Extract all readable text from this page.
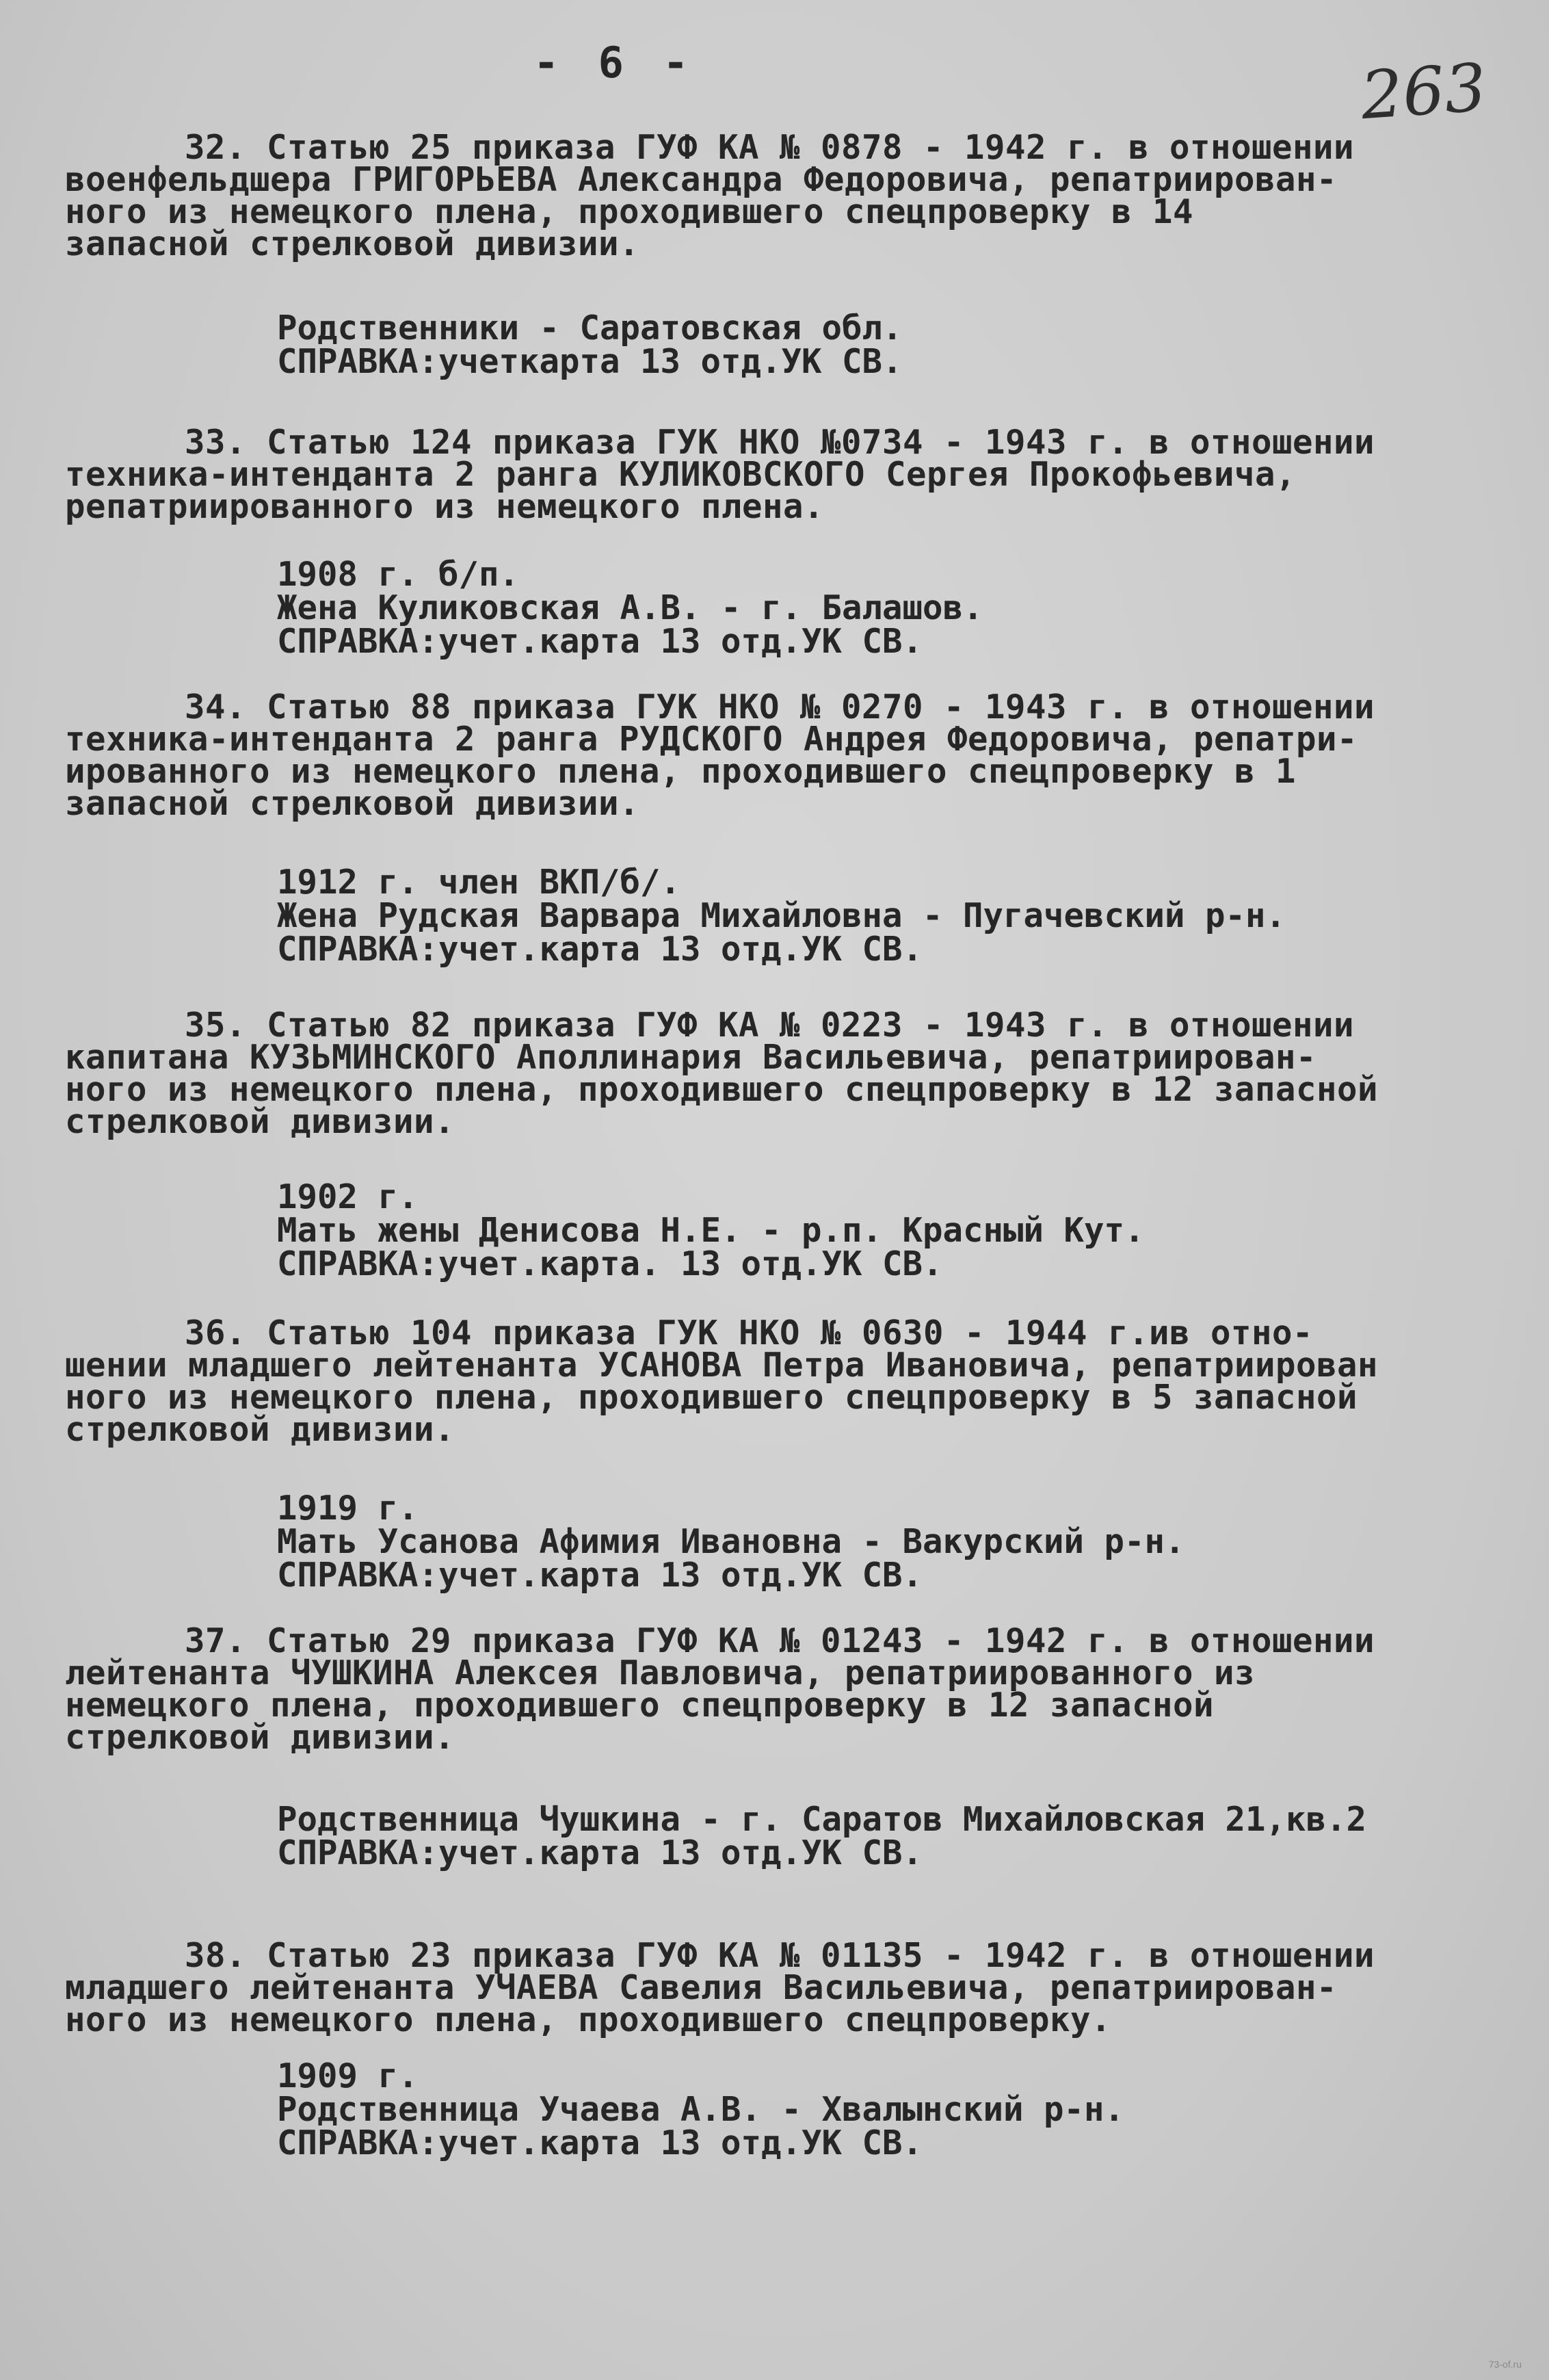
- 6 -	263
32. Статью 25 приказа ГУФ КА № 0878 - 1942 г. в отношении
военфельдшера ГРИГОРЬЕВА Александра Федоровича, репатриирован-
ного из немецкого плена, проходившего спецпроверку в 14
запасной стрелковой дивизии.
Родственники - Саратовская обл.
СПРАВКА:учеткарта 13 отд.УК СВ.
33. Статью 124 приказа ГУК НКО №0734 - 1943 г. в отношении
техника-интенданта 2 ранга КУЛИКОВСКОГО Сергея Прокофьевича,
репатриированного из немецкого плена.
1908 г. б/п.
Жена Куликовская А.В. - г. Балашов.
СПРАВКА:учет.карта 13 отд.УК СВ.
34. Статью 88 приказа ГУК НКО № 0270 - 1943 г. в отношении
техника-интенданта 2 ранга РУДСКОГО Андрея Федоровича, репатри-
ированного из немецкого плена, проходившего спецпроверку в 1
запасной стрелковой дивизии.
1912 г. член ВКП/б/.
Жена Рудская Варвара Михайловна - Пугачевский р-н.
СПРАВКА:учет.карта 13 отд.УК СВ.
35. Статью 82 приказа ГУФ КА № 0223 - 1943 г. в отношении
капитана КУЗЬМИНСКОГО Аполлинария Васильевича, репатриирован-
ного из немецкого плена, проходившего спецпроверку в 12 запасной
стрелковой дивизии.
1902 г.
Мать жены Денисова Н.Е. - р.п. Красный Кут.
СПРАВКА:учет.карта. 13 отд.УК СВ.
36. Статью 104 приказа ГУК НКО № 0630 - 1944 г.ив отно-
шении младшего лейтенанта УСАНОВА Петра Ивановича, репатриирован
ного из немецкого плена, проходившего спецпроверку в 5 запасной
стрелковой дивизии.
1919 г.
Мать Усанова Афимия Ивановна - Вакурский р-н.
СПРАВКА:учет.карта 13 отд.УК СВ.
37. Статью 29 приказа ГУФ КА № 01243 - 1942 г. в отношении
лейтенанта ЧУШКИНА Алексея Павловича, репатриированного из
немецкого плена, проходившего спецпроверку в 12 запасной
стрелковой дивизии.
Родственница Чушкина - г. Саратов Михайловская 21,кв.2
СПРАВКА:учет.карта 13 отд.УК СВ.
38. Статью 23 приказа ГУФ КА № 01135 - 1942 г. в отношении
младшего лейтенанта УЧАЕВА Савелия Васильевича, репатриирован-
ного из немецкого плена, проходившего спецпроверку.
1909 г.
Родственница Учаева А.В. - Хвалынский р-н.
СПРАВКА:учет.карта 13 отд.УК СВ.
73-of.ru
